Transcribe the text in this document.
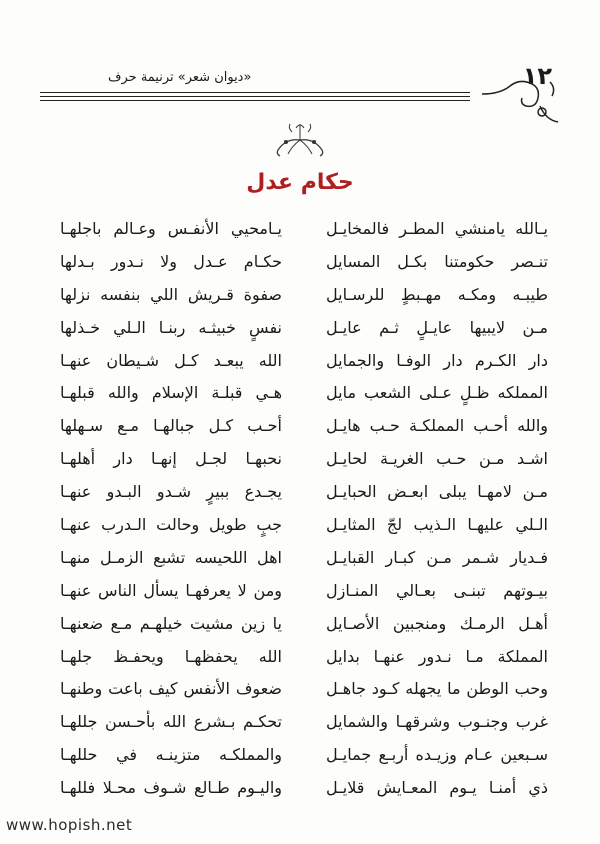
١٢
«ديوان شعر» ترنيمة حرف
حكام عدل
يـالله يامنشي المطـر فالمخايـل
يـامحيي الأنفـس وعـالم باجلهـا
تنـصر حكومتنا بكـل المسايل
حكـام عـدل ولا نـدور بـدلها
طيبـه ومكـه مهـبطٍ للرسـايل
صفوة قـريش اللي بنفسه نزلها
مـن لايبيها عايـلٍ ثـم عايـل
نفسٍ خبيثـه ربنـا الـلي خـذلها
دار الكـرم دار الوفـا والجمايل
الله يبعـد كـل شـيطان عنهـا
المملكه ظـلٍ عـلى الشعب مايل
هـي قبلـة الإسلام والله قبلهـا
والله أحـب المملكـة حـب هايـل
أحـب كـل جبالهـا مـع سـهلها
اشـد مـن حـب الغريـة لحايـل
نحبهـا لجـل إنهـا دار أهلهـا
مـن لامهـا يبلى ابعـض الحبايـل
يجـدع ببيرٍ شـدو البـدو عنهـا
الـلي عليهـا الـذيب لجّ المثايـل
جبٍ طويل وحالت الـدرب عنهـا
فـديار شـمر مـن كبـار القبايـل
اهل اللحيسه تشبع الزمـل منهـا
بيـوتهم تبنـى بعـالي المنـازل
ومن لا يعرفهـا يسأل الناس عنهـا
أهـل الرمـك ومنجبين الأصـايل
يا زين مشيت خيلهـم مـع ضعنهـا
المملكة مـا نـدور عنهـا بدايل
الله يحفظهـا ويحفـظ جلهـا
وحب الوطن ما يجهله كـود جاهـل
ضعوف الأنفس كيف باعت وطنهـا
غرب وجنـوب وشرقهـا والشمايل
تحكـم بـشرع الله بأحـسن جللهـا
سـبعين عـام وزيـده أربـع جمايـل
والمملكـه متزينـه في حللهـا
ذي أمنـا يـوم المعـايش قلايـل
واليـوم طـالع شـوف محـلا فللهـا
www.hopish.net
